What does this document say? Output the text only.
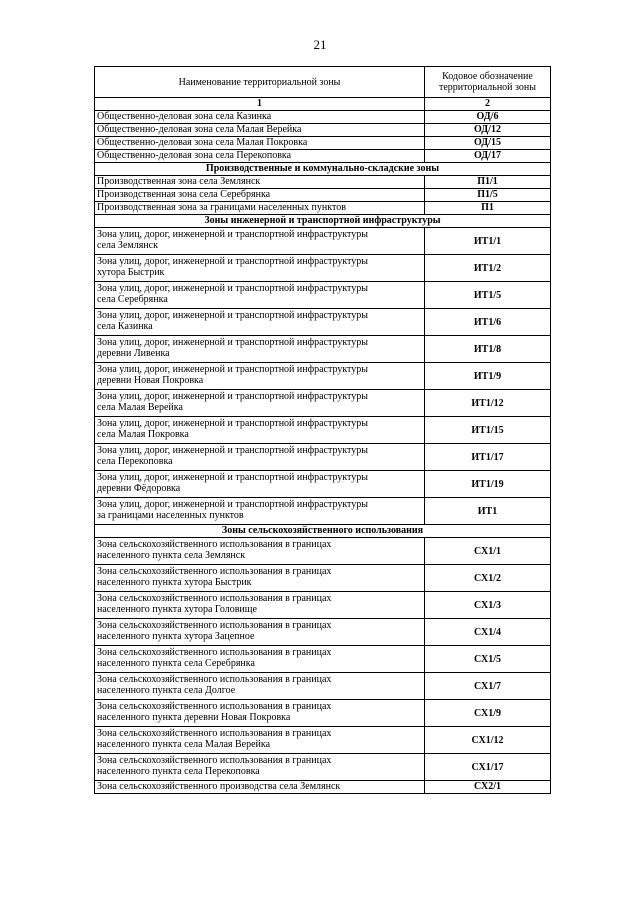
21
Наименование территориальной зоны	Кодовое обозначение территориальной зоны
1	2
Общественно-деловая зона села Казинка	ОД/6
Общественно-деловая зона села Малая Верейка	ОД/12
Общественно-деловая зона села Малая Покровка	ОД/15
Общественно-деловая зона села Перекоповка	ОД/17
Производственные и коммунально-складские зоны	
Производственная зона села Землянск	П1/1
Производственная зона села Серебрянка	П1/5
Производственная зона за границами населенных пунктов	П1
Зоны инженерной и транспортной инфраструктуры	

Зона улиц, дорог, инженерной и транспортной инфраструктуры
села Землянск	ИТ1/1

Зона улиц, дорог, инженерной и транспортной инфраструктуры
хутора Быстрик	ИТ1/2

Зона улиц, дорог, инженерной и транспортной инфраструктуры
села Серебрянка	ИТ1/5

Зона улиц, дорог, инженерной и транспортной инфраструктуры
села Казинка	ИТ1/6

Зона улиц, дорог, инженерной и транспортной инфраструктуры
деревни Ливенка	ИТ1/8

Зона улиц, дорог, инженерной и транспортной инфраструктуры
деревни Новая Покровка	ИТ1/9

Зона улиц, дорог, инженерной и транспортной инфраструктуры
села Малая Верейка	ИТ1/12

Зона улиц, дорог, инженерной и транспортной инфраструктуры
села Малая Покровка	ИТ1/15

Зона улиц, дорог, инженерной и транспортной инфраструктуры
села Перекоповка	ИТ1/17

Зона улиц, дорог, инженерной и транспортной инфраструктуры
деревни Фёдоровка	ИТ1/19

Зона улиц, дорог, инженерной и транспортной инфраструктуры
за границами населенных пунктов	ИТ1
Зоны сельскохозяйственного использования	

Зона сельскохозяйственного использования в границах
населенного пункта села Землянск	СХ1/1

Зона сельскохозяйственного использования в границах
населенного пункта хутора Быстрик	СХ1/2

Зона сельскохозяйственного использования в границах
населенного пункта хутора Головище	СХ1/3

Зона сельскохозяйственного использования в границах
населенного пункта хутора Зацепное	СХ1/4

Зона сельскохозяйственного использования в границах
населенного пункта села Серебрянка	СХ1/5

Зона сельскохозяйственного использования в границах
населенного пункта села Долгое	СХ1/7

Зона сельскохозяйственного использования в границах
населенного пункта деревни Новая Покровка	СХ1/9

Зона сельскохозяйственного использования в границах
населенного пункта села Малая Верейка	СХ1/12

Зона сельскохозяйственного использования в границах
населенного пункта села Перекоповка	СХ1/17
Зона сельскохозяйственного производства села Землянск	СХ2/1
